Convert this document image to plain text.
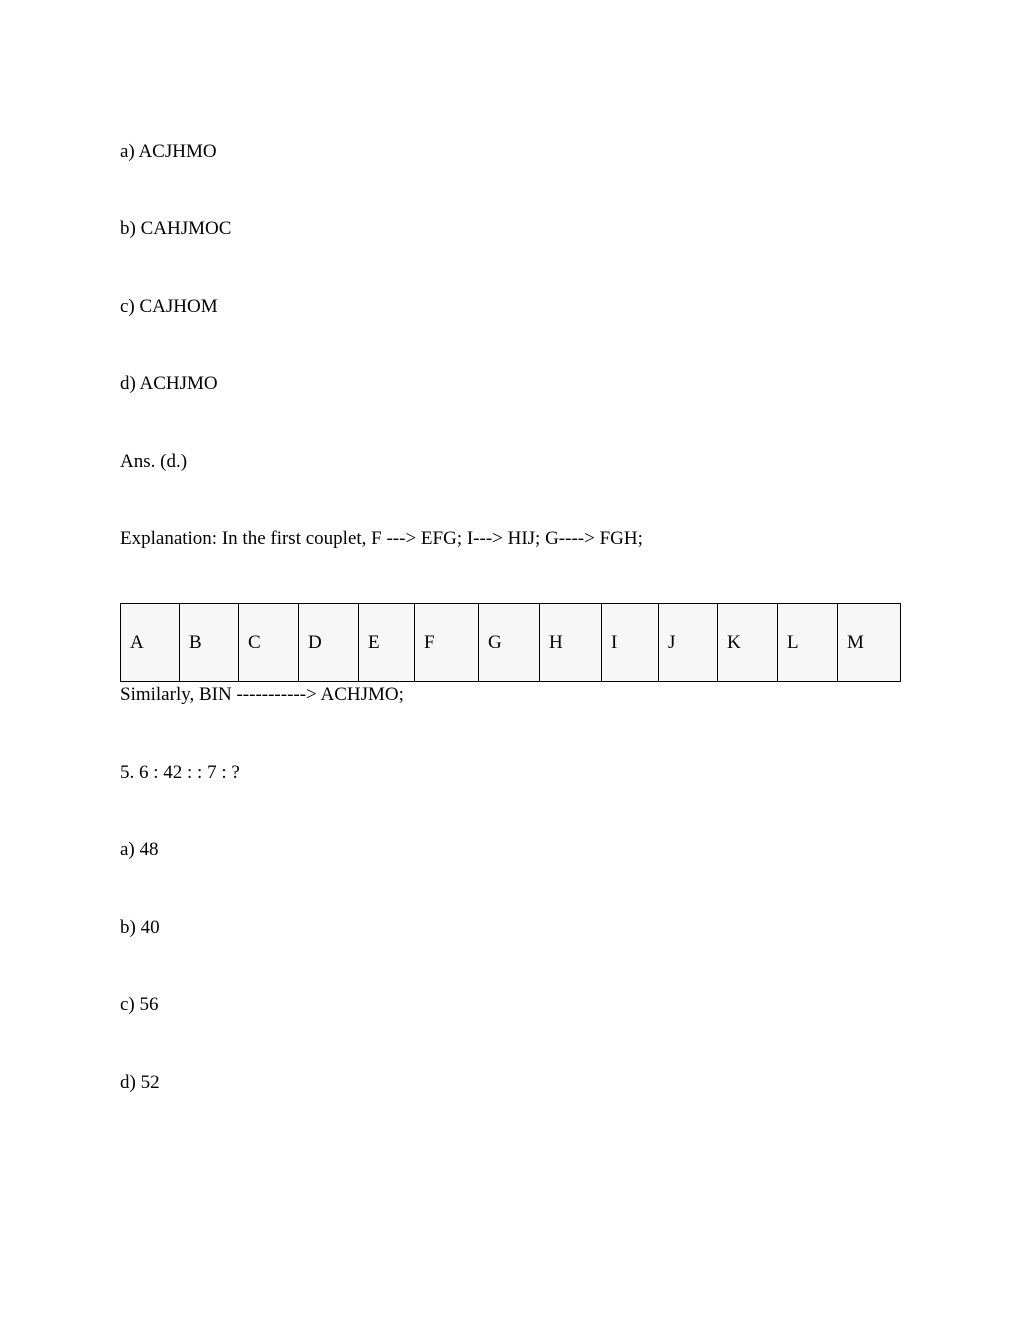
a) ACJHMO
b) CAHJMOC
c) CAJHOM
d) ACHJMO
Ans. (d.)
Explanation: In the first couplet, F ---> EFG; I---> HIJ; G----> FGH;
A	B	C	D	E	F	G	H	I	J	K	L	M
Similarly, BIN -----------> ACHJMO;
5. 6 : 42 : : 7 : ?
a) 48
b) 40
c) 56
d) 52
